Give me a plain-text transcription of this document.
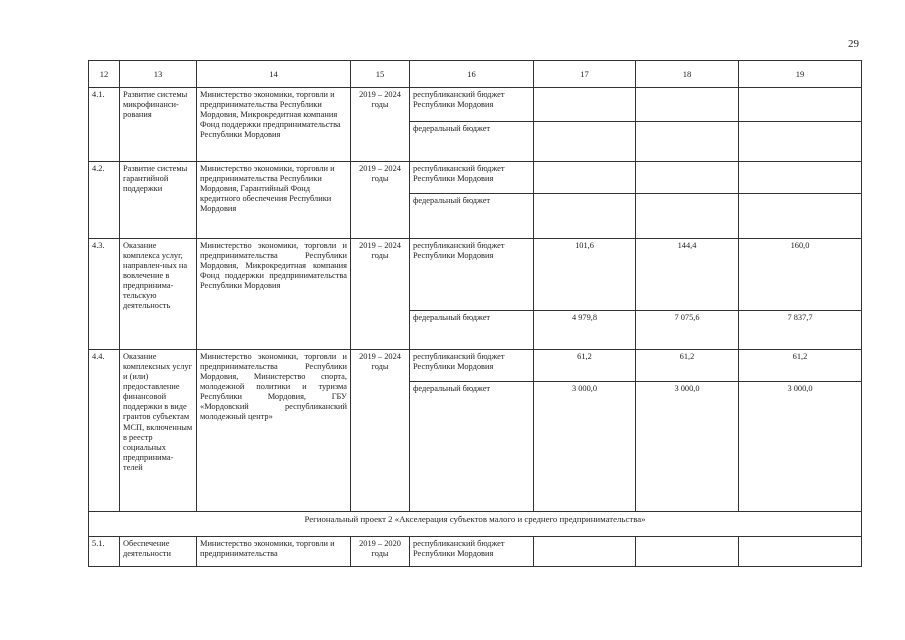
29
12	13	14	15	16	17	18	19
4.1.	Развитие системы микрофинанси-рования	Министерство экономики, торговли и предпринимательства Республики Мордовия, Микрокредитная компания Фонд поддержки предпринимательства Республики Мордовия	2019 – 2024 годы	республиканский бюджет Республики Мордовия			
				федеральный бюджет			
4.2.	Развитие системы гарантийной поддержки	Министерство экономики, торговли и предпринимательства Республики Мордовия, Гарантийный Фонд кредитного обеспечения Республики Мордовия	2019 – 2024 годы	республиканский бюджет Республики Мордовия			
				федеральный бюджет			
4.3.	Оказание комплекса услуг, направлен-ных на вовлечение в предпринима-тельскую деятельность	Министерство экономики, торговли и предпринимательства Республики Мордовия, Микрокредитная компания Фонд поддержки предпринимательства Республики Мордовия	2019 – 2024 годы	республиканский бюджет Республики Мордовия	101,6	144,4	160,0
				федеральный бюджет	4 979,8	7 075,6	7 837,7
4.4.	Оказание комплексных услуг и (или) предоставление финансовой поддержки в виде грантов субъектам МСП, включенным в реестр социальных предпринима-телей	Министерство экономики, торговли и предпринимательства Республики Мордовия, Министерство спорта, молодежной политики и туризма Республики Мордовия, ГБУ «Мордовский республиканский молодежный центр»	2019 – 2024 годы	республиканский бюджет Республики Мордовия	61,2	61,2	61,2
				федеральный бюджет	3 000,0	3 000,0	3 000,0
Региональный проект 2 «Акселерация субъектов малого и среднего предпринимательства»							
5.1.	Обеспечение деятельности	Министерство экономики, торговли и предпринимательства	2019 – 2020 годы	республиканский бюджет Республики Мордовия			
